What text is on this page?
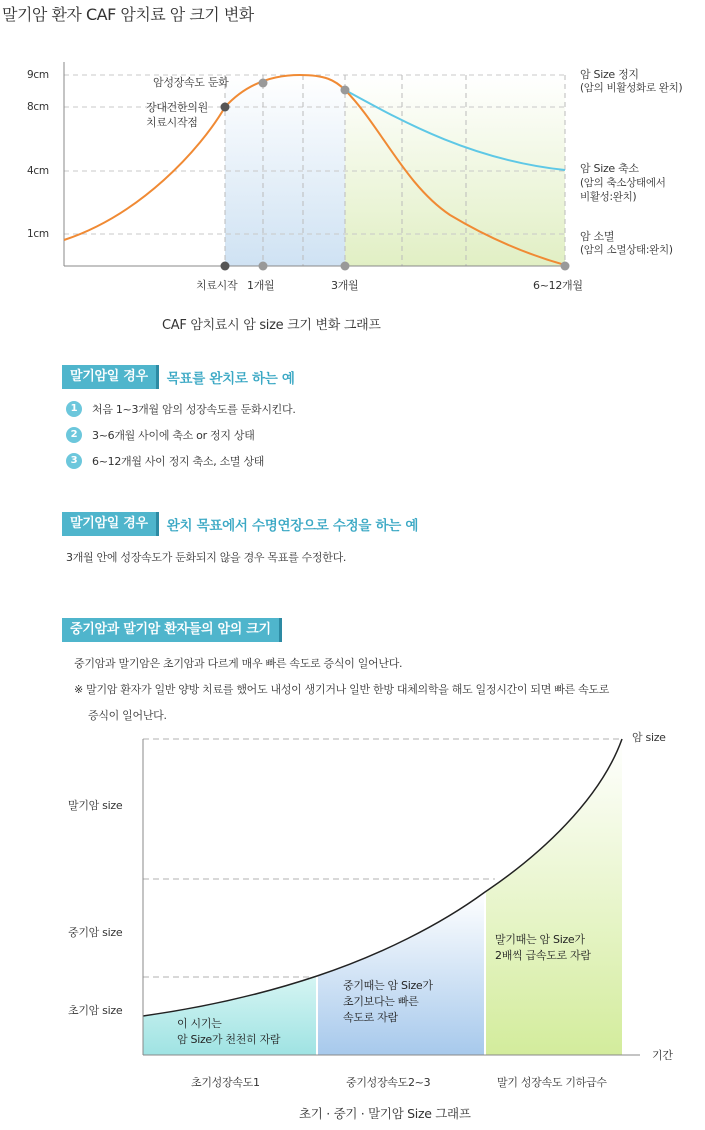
말기암 환자 CAF 암치료 암 크기 변화
9cm
8cm
4cm
1cm
암성장속도 둔화
장대건한의원
치료시작점
치료시작 1개월	3개월	6~12개월
암 Size 정지
(암의 비활성화로 완치)
암 Size 축소
(암의 축소상태에서
비활성:완치)
암 소멸
(암의 소멸상태:완치)
CAF 암치료시 암 size 크기 변화 그래프
말기암일 경우	목표를 완치로 하는 예
1	처음 1~3개월 암의 성장속도를 둔화시킨다.
2	3~6개월 사이에 축소 or 정지 상태
3	6~12개월 사이 정지 축소, 소멸 상태
말기암일 경우	완치 목표에서 수명연장으로 수정을 하는 예
3개월 안에 성장속도가 둔화되지 않을 경우 목표를 수정한다.
중기암과 말기암 환자들의 암의 크기
중기암과 말기암은 초기암과 다르게 매우 빠른 속도로 증식이 일어난다.
※ 말기암 환자가 일반 양방 치료를 했어도 내성이 생기거나 일반 한방 대체의학을 해도 일정시간이 되면 빠른 속도로
증식이 일어난다.
암 size
기간
말기암 size
중기암 size
초기암 size
이 시기는
암 Size가 천천히 자람
중기때는 암 Size가
초기보다는 빠른
속도로 자람
말기때는 암 Size가
2배씩 급속도로 자람
초기성장속도1	중기성장속도2~3	말기 성장속도 기하급수
초기 · 중기 · 말기암 Size 그래프
